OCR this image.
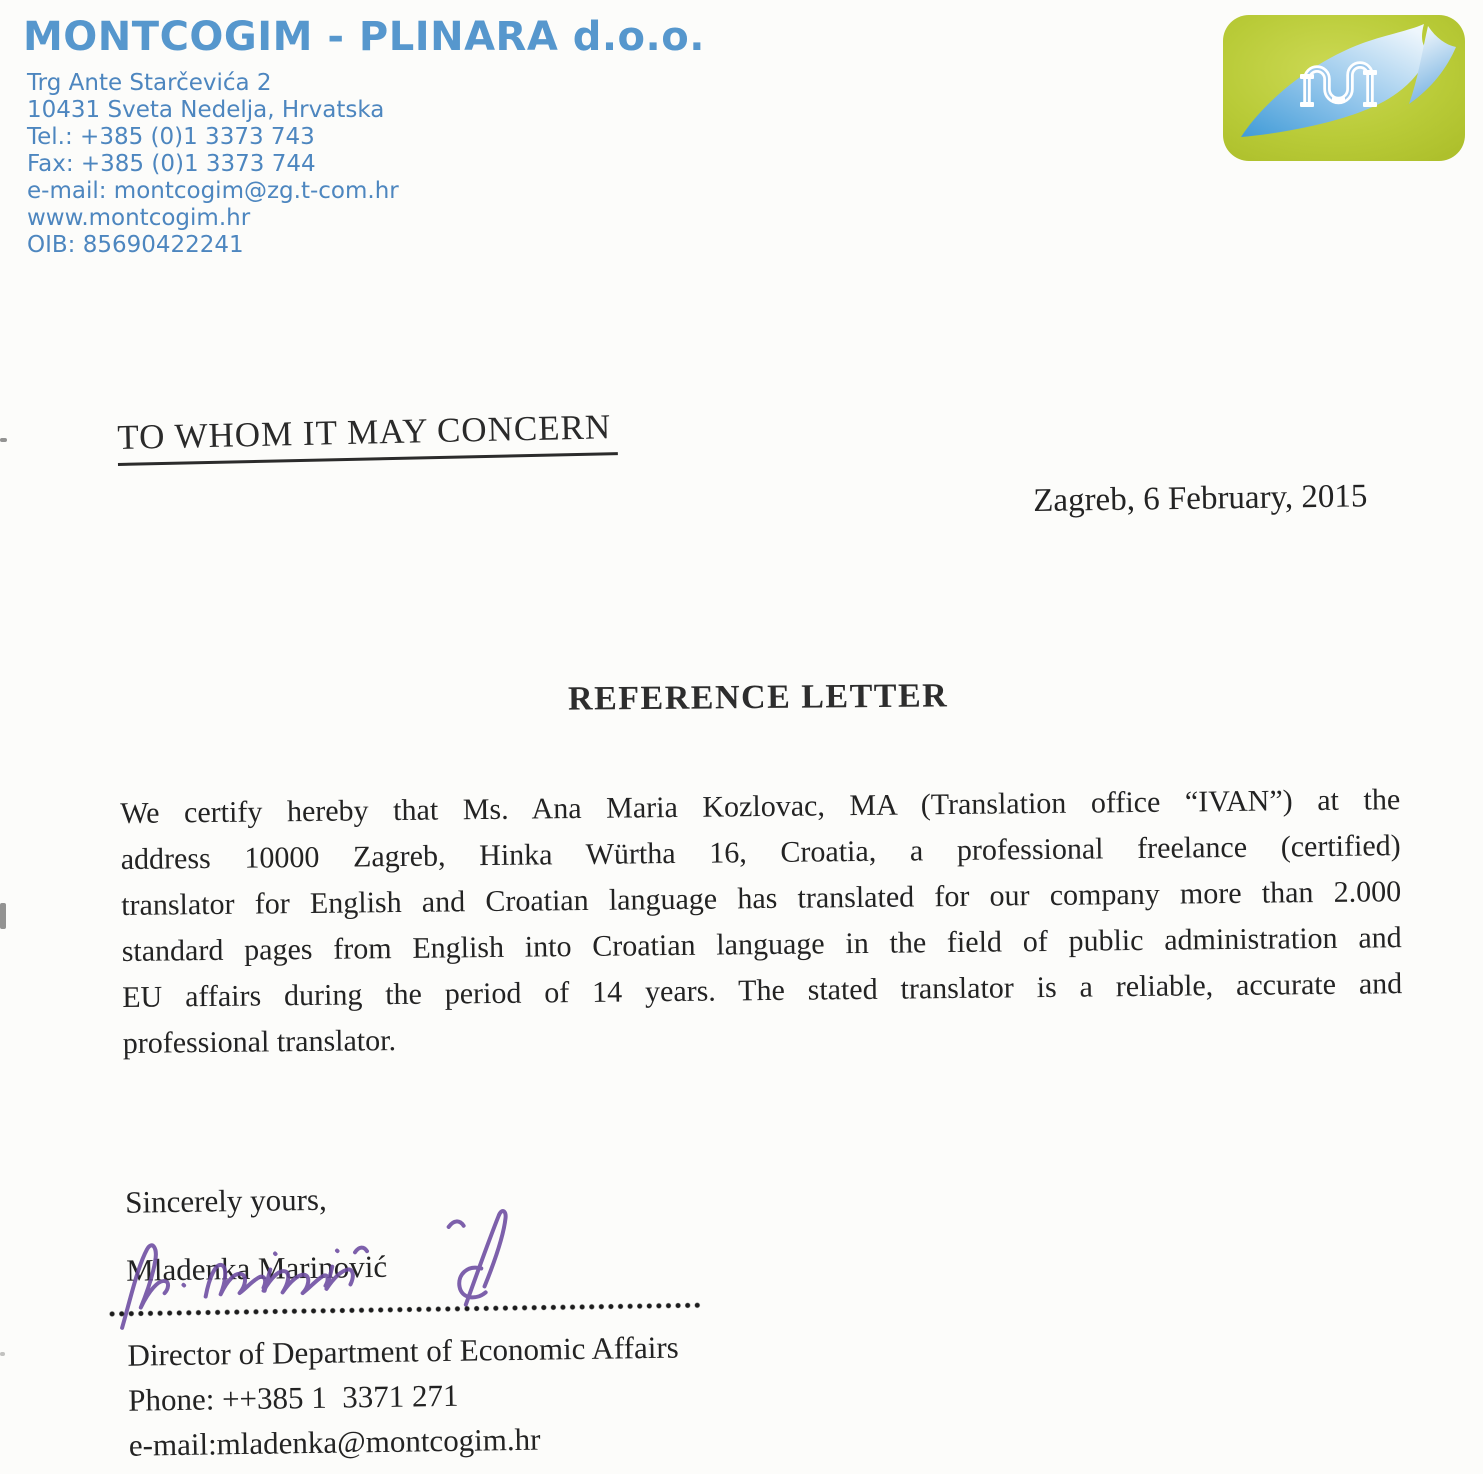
MONTCOGIM - PLINARA d.o.o.
Trg Ante Starčevića 2
10431 Sveta Nedelja, Hrvatska
Tel.: +385 (0)1 3373 743
Fax: +385 (0)1 3373 744
e-mail: montcogim@zg.t-com.hr
www.montcogim.hr
OIB: 85690422241
TO WHOM IT MAY CONCERN
Zagreb, 6 February, 2015
REFERENCE LETTER
We certify hereby that Ms. Ana Maria Kozlovac, MA (Translation office “IVAN”) at the
address 10000 Zagreb, Hinka Würtha 16, Croatia, a professional freelance (certified)
translator for English and Croatian language has translated for our company more than 2.000
standard pages from English into Croatian language in the field of public administration and
EU affairs during the period of 14 years. The stated translator is a reliable, accurate and
professional translator.
Sincerely yours,
Mladenka Marinović
Director of Department of Economic Affairs
Phone: ++385 1  3371 271
e-mail:mladenka@montcogim.hr
